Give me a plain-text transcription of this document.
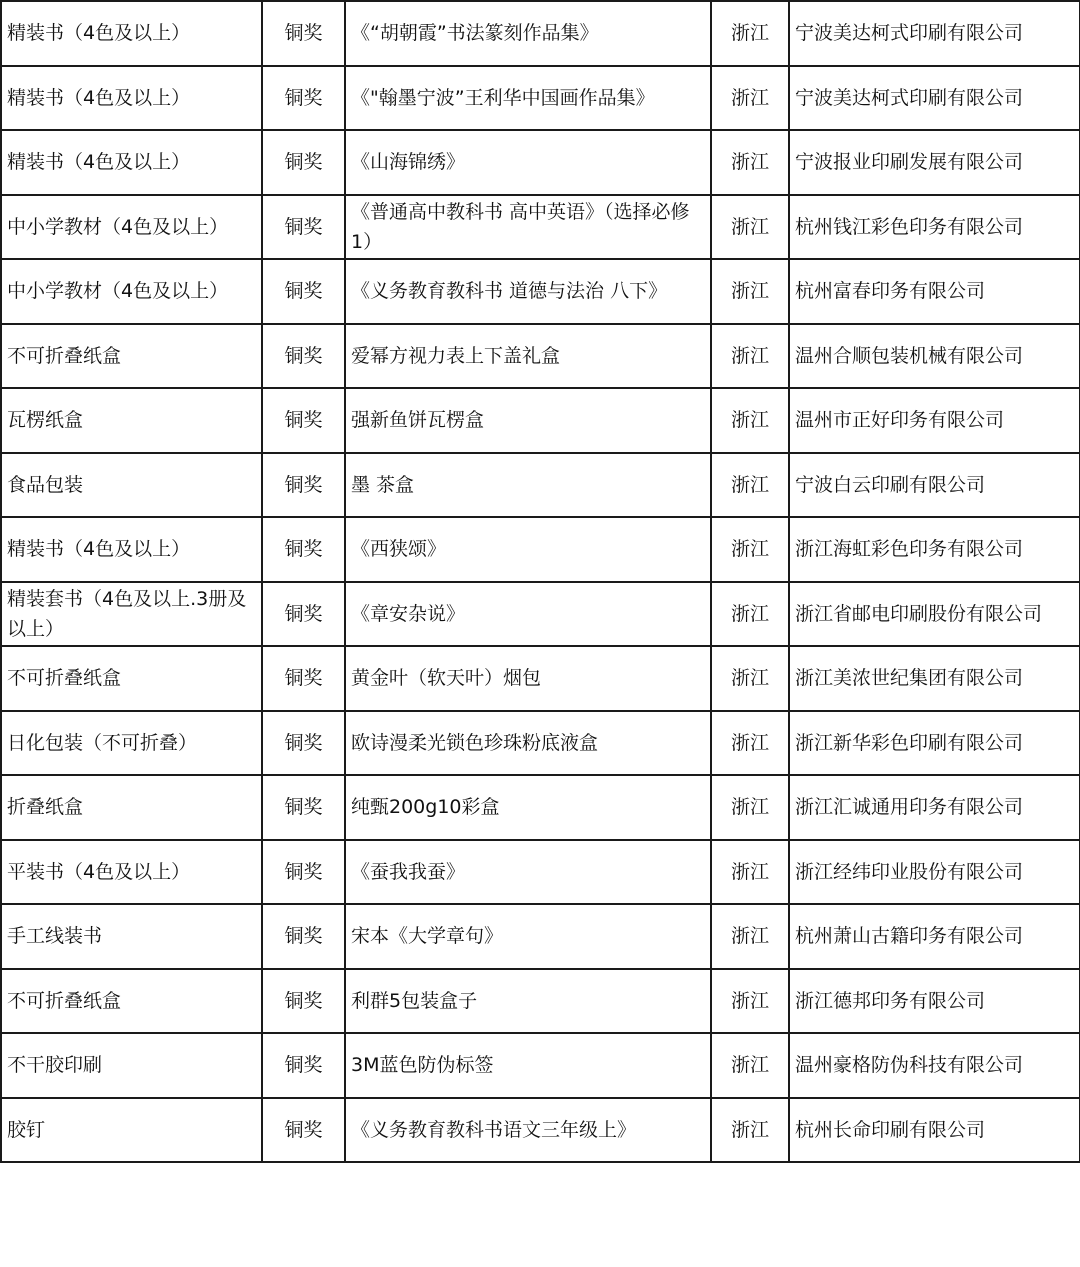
精装书（4色及以上）	铜奖	《“胡朝霞”书法篆刻作品集》	浙江	宁波美达柯式印刷有限公司
精装书（4色及以上）	铜奖	《"翰墨宁波”王利华中国画作品集》	浙江	宁波美达柯式印刷有限公司
精装书（4色及以上）	铜奖	《山海锦绣》	浙江	宁波报业印刷发展有限公司
中小学教材（4色及以上）	铜奖	《普通高中教科书 高中英语》（选择必修1）	浙江	杭州钱江彩色印务有限公司
中小学教材（4色及以上）	铜奖	《义务教育教科书 道德与法治 八下》	浙江	杭州富春印务有限公司
不可折叠纸盒	铜奖	爱幂方视力表上下盖礼盒	浙江	温州合顺包装机械有限公司
瓦楞纸盒	铜奖	强新鱼饼瓦楞盒	浙江	温州市正好印务有限公司
食品包装	铜奖	墨 茶盒	浙江	宁波白云印刷有限公司
精装书（4色及以上）	铜奖	《西狭颂》	浙江	浙江海虹彩色印务有限公司
精装套书（4色及以上.3册及以上）	铜奖	《章安杂说》	浙江	浙江省邮电印刷股份有限公司
不可折叠纸盒	铜奖	黄金叶（软天叶）烟包	浙江	浙江美浓世纪集团有限公司
日化包装（不可折叠）	铜奖	欧诗漫柔光锁色珍珠粉底液盒	浙江	浙江新华彩色印刷有限公司
折叠纸盒	铜奖	纯甄200g10彩盒	浙江	浙江汇诚通用印务有限公司
平装书（4色及以上）	铜奖	《蚕我我蚕》	浙江	浙江经纬印业股份有限公司
手工线装书	铜奖	宋本《大学章句》	浙江	杭州萧山古籍印务有限公司
不可折叠纸盒	铜奖	利群5包装盒子	浙江	浙江德邦印务有限公司
不干胶印刷	铜奖	3M蓝色防伪标签	浙江	温州豪格防伪科技有限公司
胶钉	铜奖	《义务教育教科书语文三年级上》	浙江	杭州长命印刷有限公司
